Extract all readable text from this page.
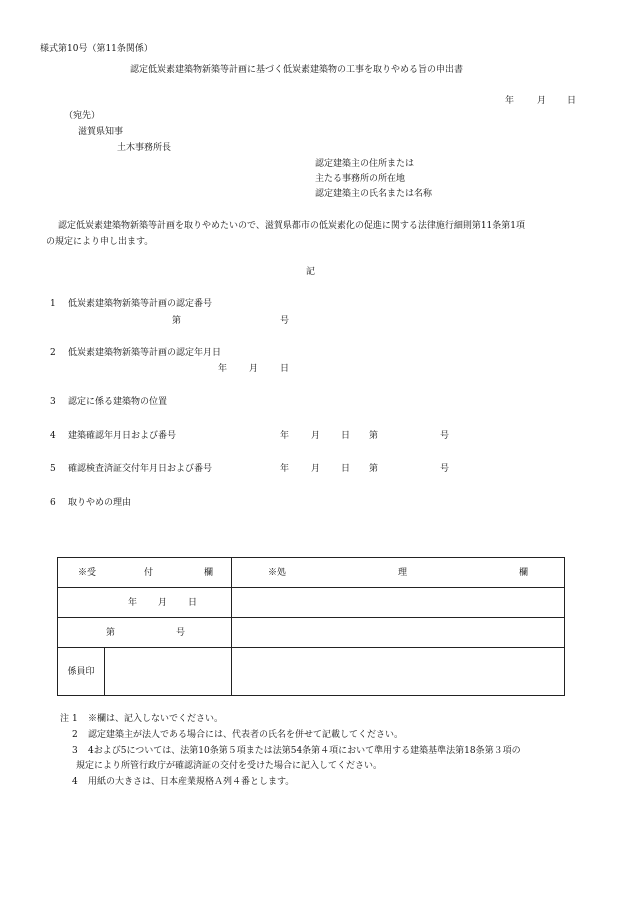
様式第10号（第11条関係）
認定低炭素建築物新築等計画に基づく低炭素建築物の工事を取りやめる旨の申出書
年	月 日
（宛先）
滋賀県知事
土木事務所長
認定建築主の住所または
主たる事務所の所在地
認定建築主の氏名または名称
認定低炭素建築物新築等計画を取りやめたいので、滋賀県都市の低炭素化の促進に関する法律施行細則第11条第1項
の規定により申し出ます。
記
1 低炭素建築物新築等計画の認定番号
第	号
2 低炭素建築物新築等計画の認定年月日
年 月 日
3 認定に係る建築物の位置
4 建築確認年月日および番号	年 月 日 第	号
5 確認検査済証交付年月日および番号	年 月 日 第	号
6 取りやめの理由
※受 付 欄		※処 理 欄

年 月 日		

第 号		

係員印		
注 1 ※欄は、記入しないでください。
2 認定建築主が法人である場合には、代表者の氏名を併せて記載してください。
3 4および5については、法第10条第５項または法第54条第４項において準用する建築基準法第18条第３項の
規定により所管行政庁が確認済証の交付を受けた場合に記入してください。
4 用紙の大きさは、日本産業規格Ａ列４番とします。
